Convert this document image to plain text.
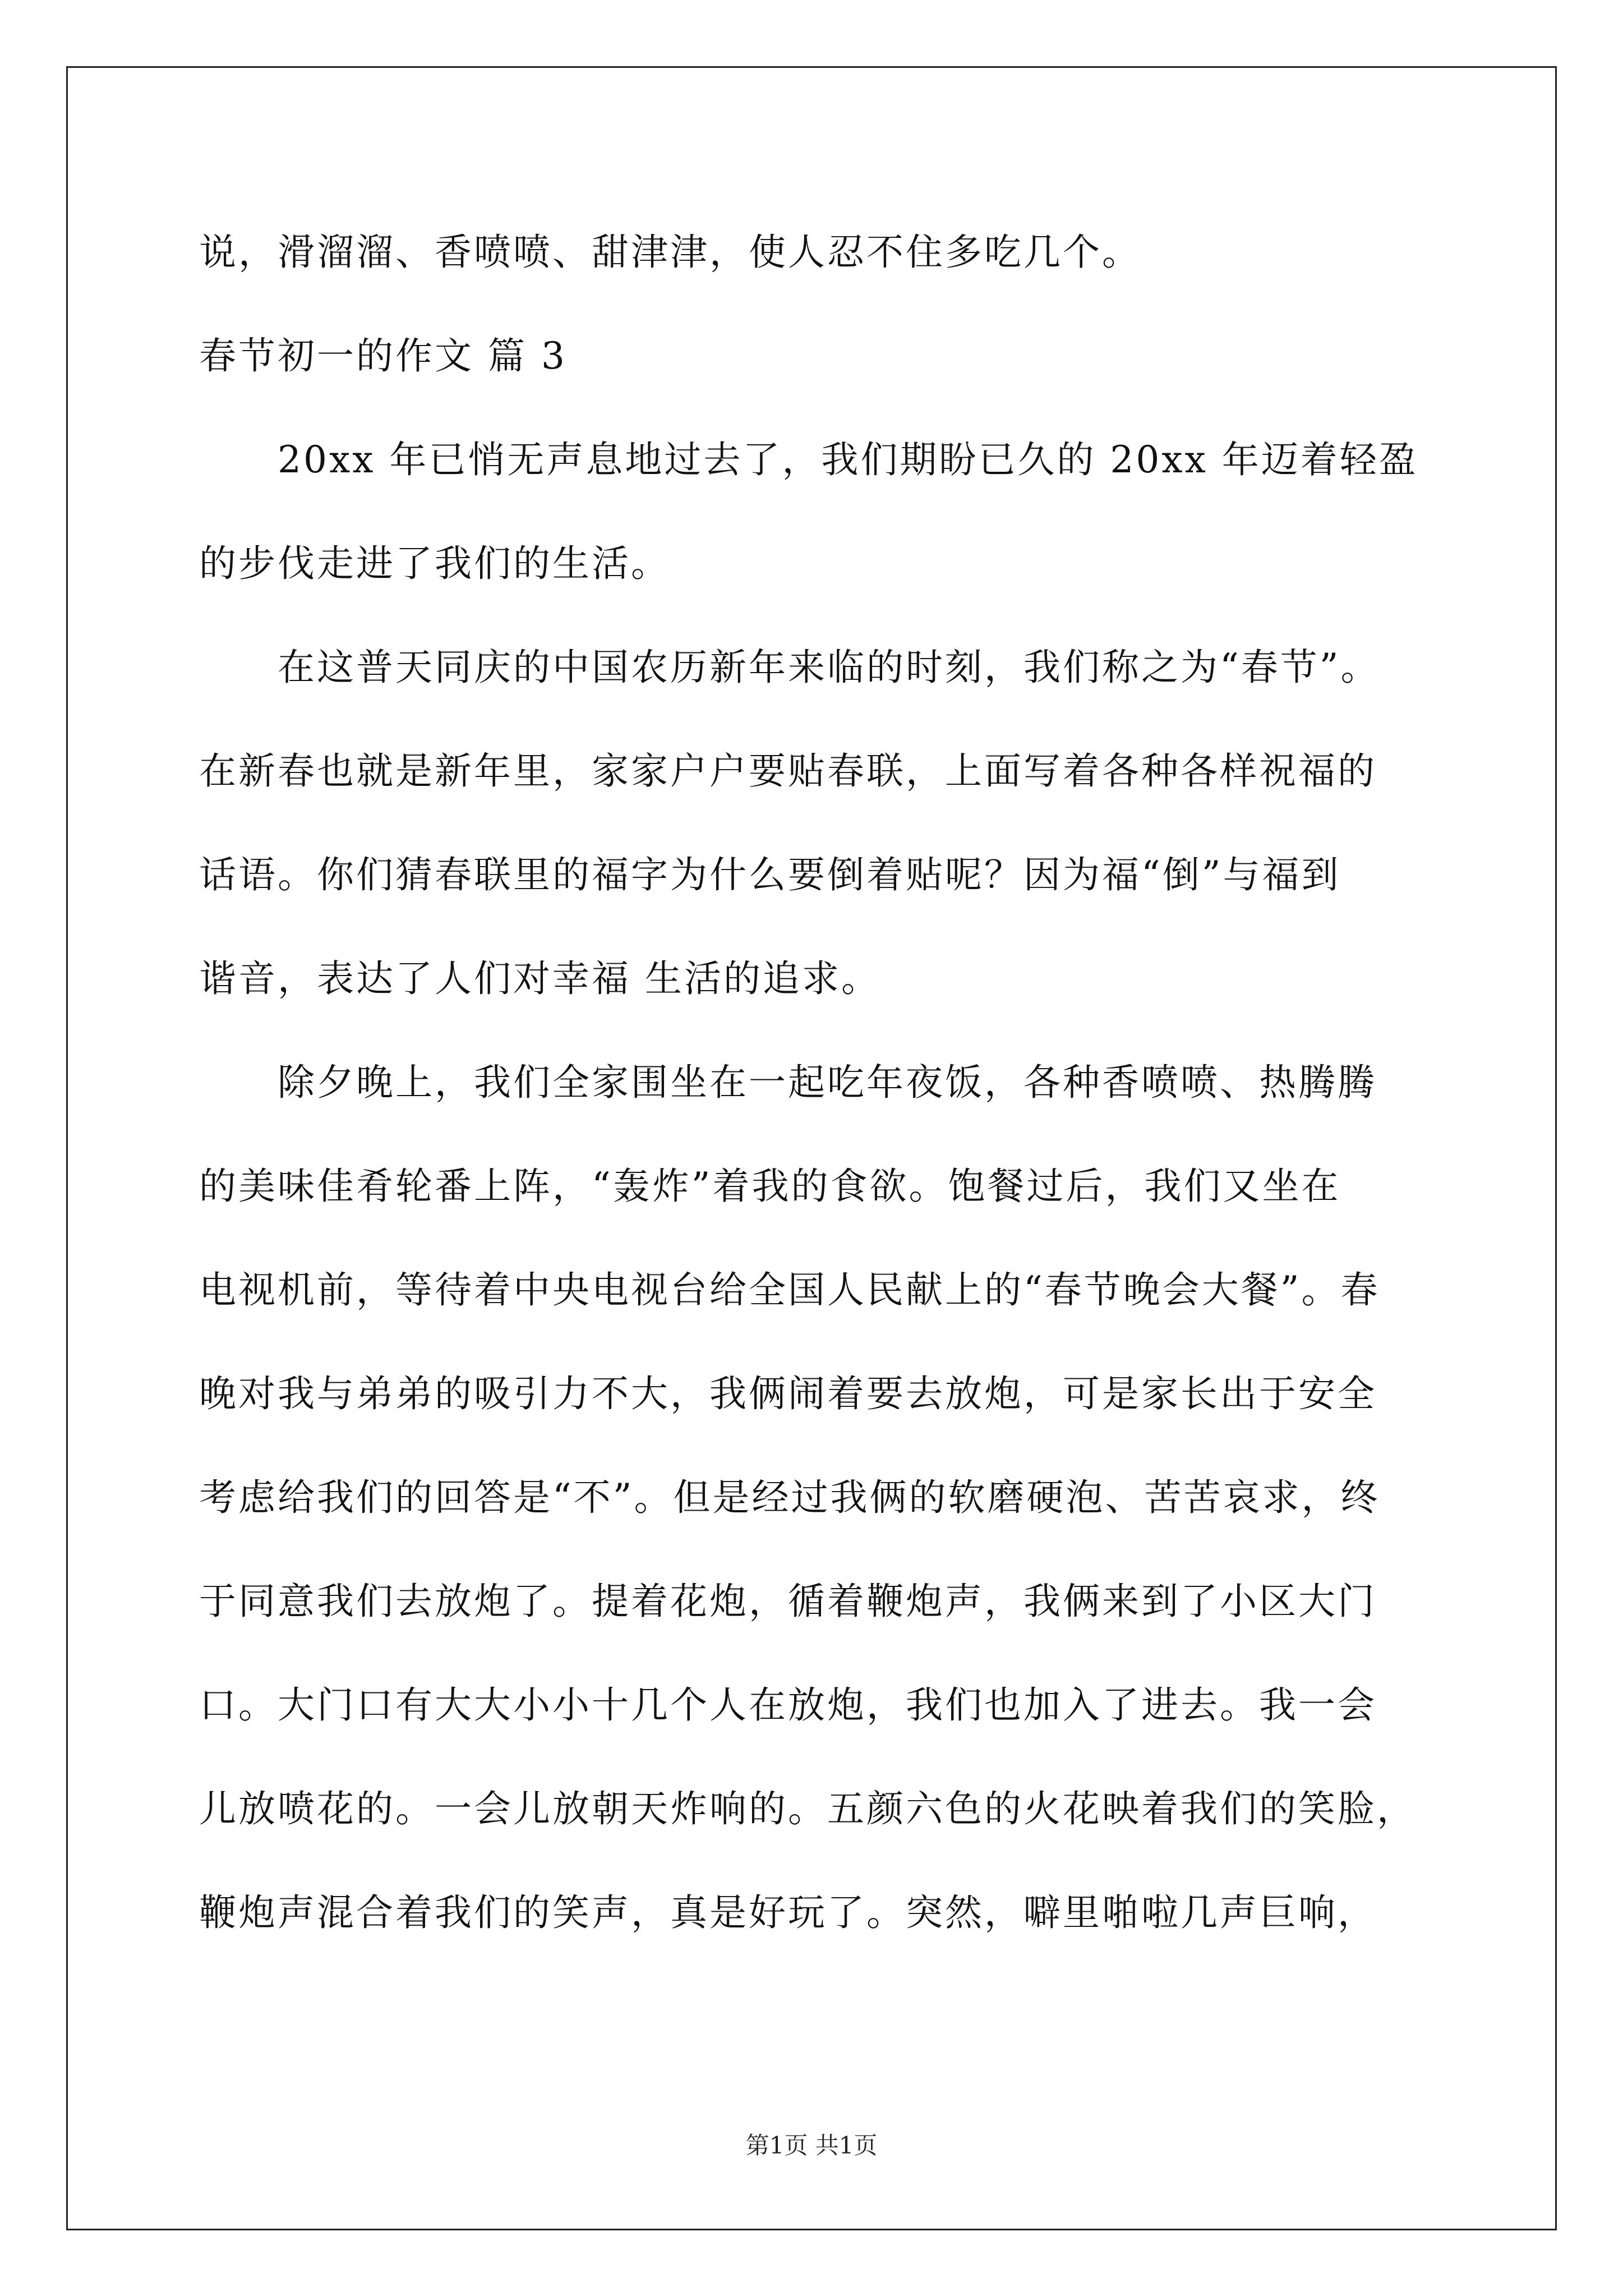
说，滑溜溜、香喷喷、甜津津，使人忍不住多吃几个。
春节初一的作文 篇 3
20xx 年已悄无声息地过去了，我们期盼已久的 20xx 年迈着轻盈
的步伐走进了我们的生活。
在这普天同庆的中国农历新年来临的时刻，我们称之为“春节”。
在新春也就是新年里，家家户户要贴春联，上面写着各种各样祝福的
话语。你们猜春联里的福字为什么要倒着贴呢？因为福“倒”与福到
谐音，表达了人们对幸福 生活的追求。
除夕晚上，我们全家围坐在一起吃年夜饭，各种香喷喷、热腾腾
的美味佳肴轮番上阵，“轰炸”着我的食欲。饱餐过后，我们又坐在
电视机前，等待着中央电视台给全国人民献上的“春节晚会大餐”。春
晚对我与弟弟的吸引力不大，我俩闹着要去放炮，可是家长出于安全
考虑给我们的回答是“不”。但是经过我俩的软磨硬泡、苦苦哀求，终
于同意我们去放炮了。提着花炮，循着鞭炮声，我俩来到了小区大门
口。大门口有大大小小十几个人在放炮，我们也加入了进去。我一会
儿放喷花的。一会儿放朝天炸响的。五颜六色的火花映着我们的笑脸，
鞭炮声混合着我们的笑声，真是好玩了。突然，噼里啪啦几声巨响，
第1页 共1页
